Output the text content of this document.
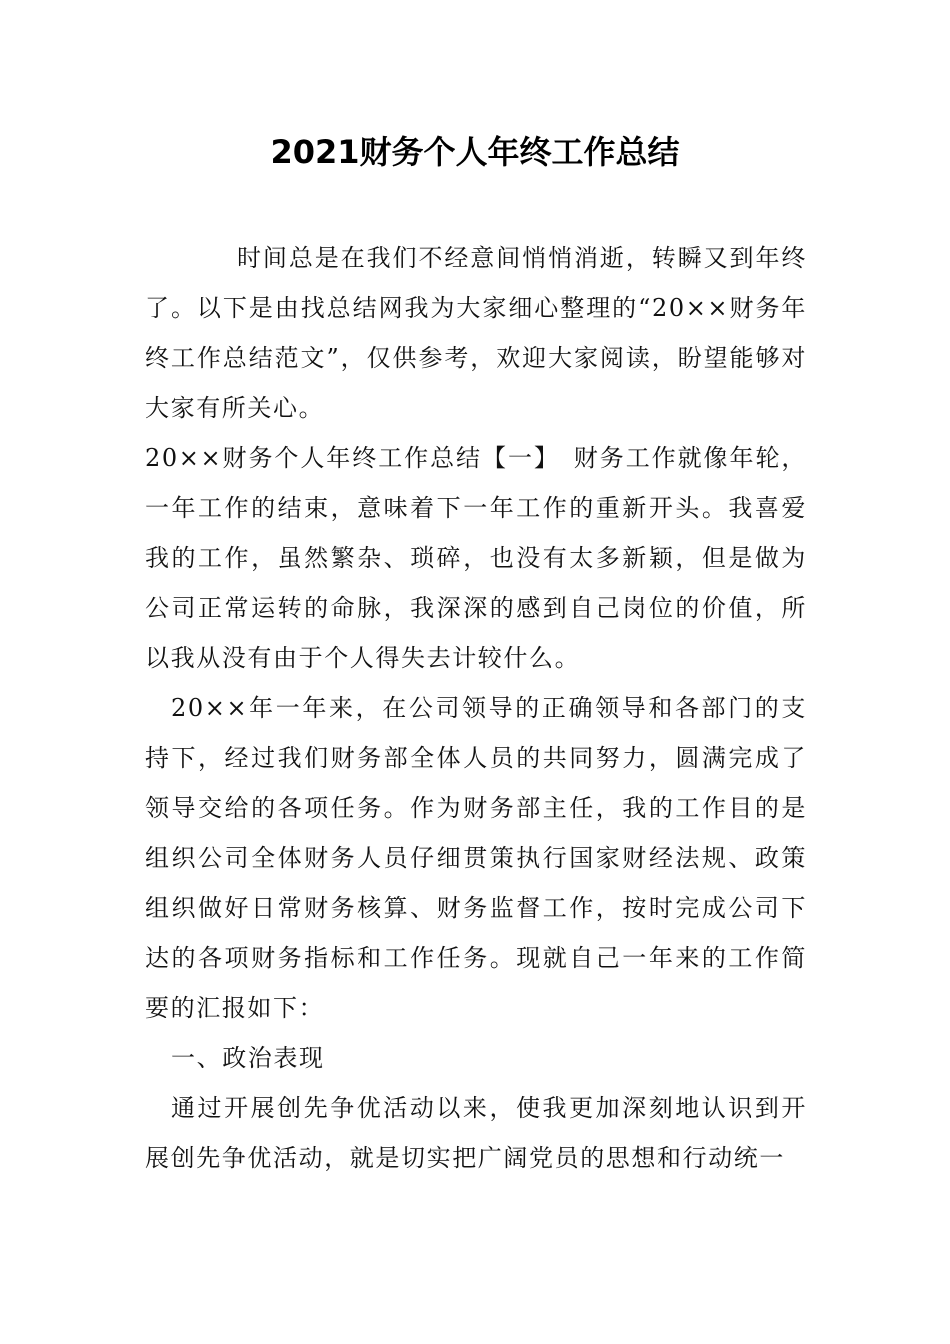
2021财务个人年终工作总结

时间总是在我们不经意间悄悄消逝，转瞬又到年终了。以下是由找总结网我为大家细心整理的“20××财务年终工作总结范文”，仅供参考，欢迎大家阅读，盼望能够对大家有所关心。

20××财务个人年终工作总结【一】　财务工作就像年轮，一年工作的结束，意味着下一年工作的重新开头。我喜爱我的工作，虽然繁杂、琐碎，也没有太多新颖，但是做为公司正常运转的命脉，我深深的感到自己岗位的价值，所以我从没有由于个人得失去计较什么。

20××年一年来，在公司领导的正确领导和各部门的支持下，经过我们财务部全体人员的共同努力，圆满完成了领导交给的各项任务。作为财务部主任，我的工作目的是组织公司全体财务人员仔细贯策执行国家财经法规、政策组织做好日常财务核算、财务监督工作，按时完成公司下达的各项财务指标和工作任务。现就自己一年来的工作简要的汇报如下：

一、政治表现

通过开展创先争优活动以来，使我更加深刻地认识到开展创先争优活动，就是切实把广阔党员的思想和行动统一
